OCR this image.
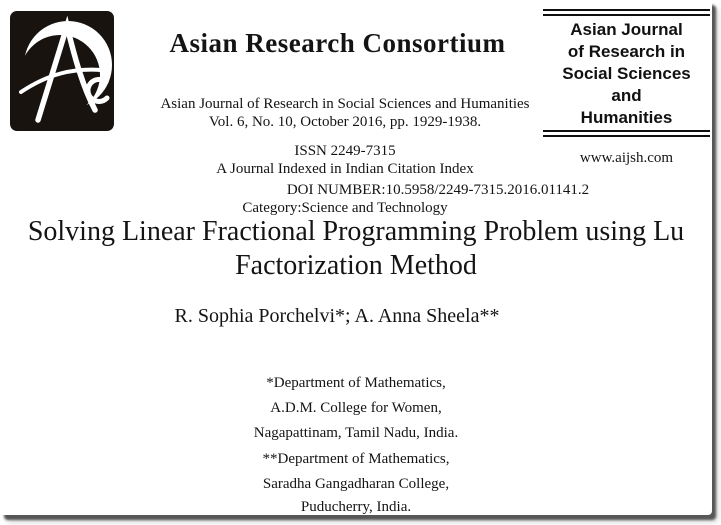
Asian Research Consortium
Asian Journal of Research in Social Sciences and Humanities
Vol. 6, No. 10, October 2016, pp. 1929-1938.
ISSN 2249-7315
A Journal Indexed in Indian Citation Index
DOI NUMBER:10.5958/2249-7315.2016.01141.2
Category:Science and Technology
Asian Journal
of Research in
Social Sciences
and
Humanities
www.aijsh.com
Solving Linear Fractional Programming Problem using Lu
Factorization Method
R. Sophia Porchelvi*; A. Anna Sheela**
*Department of Mathematics,
A.D.M. College for Women,
Nagapattinam, Tamil Nadu, India.
**Department of Mathematics,
Saradha Gangadharan College,
Puducherry, India.
